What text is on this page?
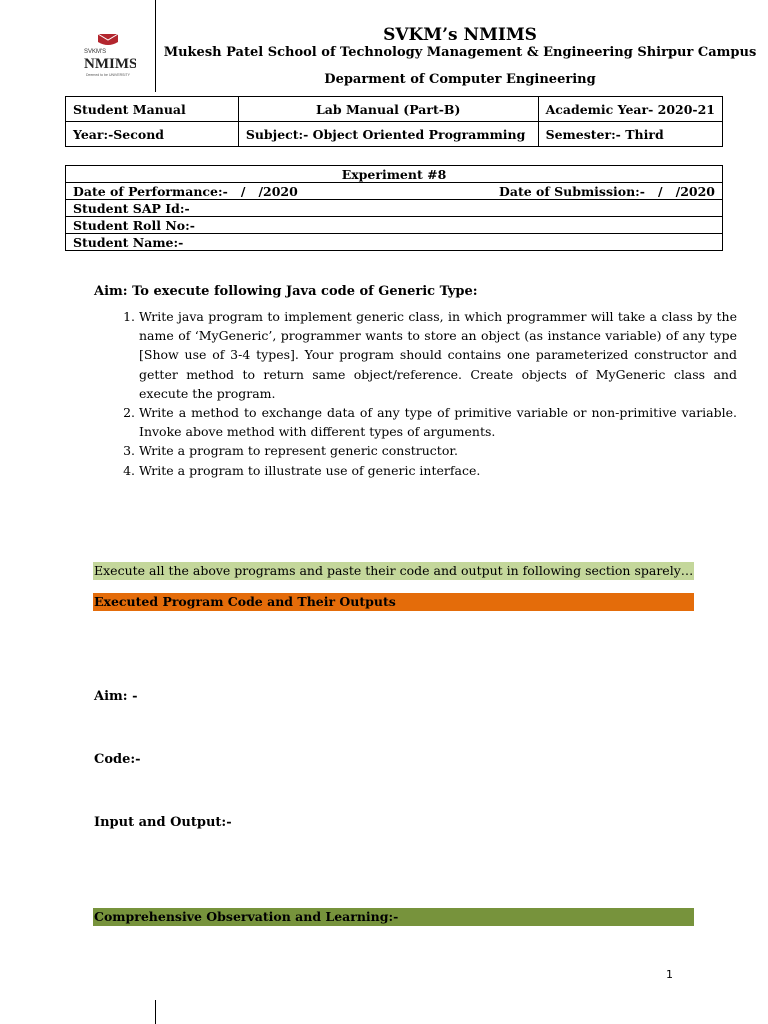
SVKM'S
NMIMS
Deemed to be UNIVERSITY
SVKM’s NMIMS
Mukesh Patel School of Technology Management & Engineering Shirpur Campus
Deparment of Computer Engineering
Student Manual	Lab Manual (Part-B)	Academic Year- 2020-21
Year:-Second	Subject:- Object Oriented Programming	Semester:- Third
Experiment #8
Date of Performance:-   /   /2020	Date of Submission:-   /   /2020

Student SAP Id:-
Student Roll No:-
Student Name:-
Aim: To execute following Java code of Generic Type:
1. Write java program to implement generic class, in which programmer will take a class by the name of ‘MyGeneric’, programmer wants to store an object (as instance variable) of any type [Show use of 3-4 types]. Your program should contains one parameterized constructor and getter method to return same object/reference. Create objects of MyGeneric class and execute the program.
2. Write a method to exchange data of any type of primitive variable or non-primitive variable. Invoke above method with different types of arguments.
3. Write a program to represent generic constructor.
4. Write a program to illustrate use of generic interface.
Execute all the above programs and paste their code and output in following section sparely…
Executed Program Code and Their Outputs
Aim: -
Code:-
Input and Output:-
Comprehensive Observation and Learning:-
1
